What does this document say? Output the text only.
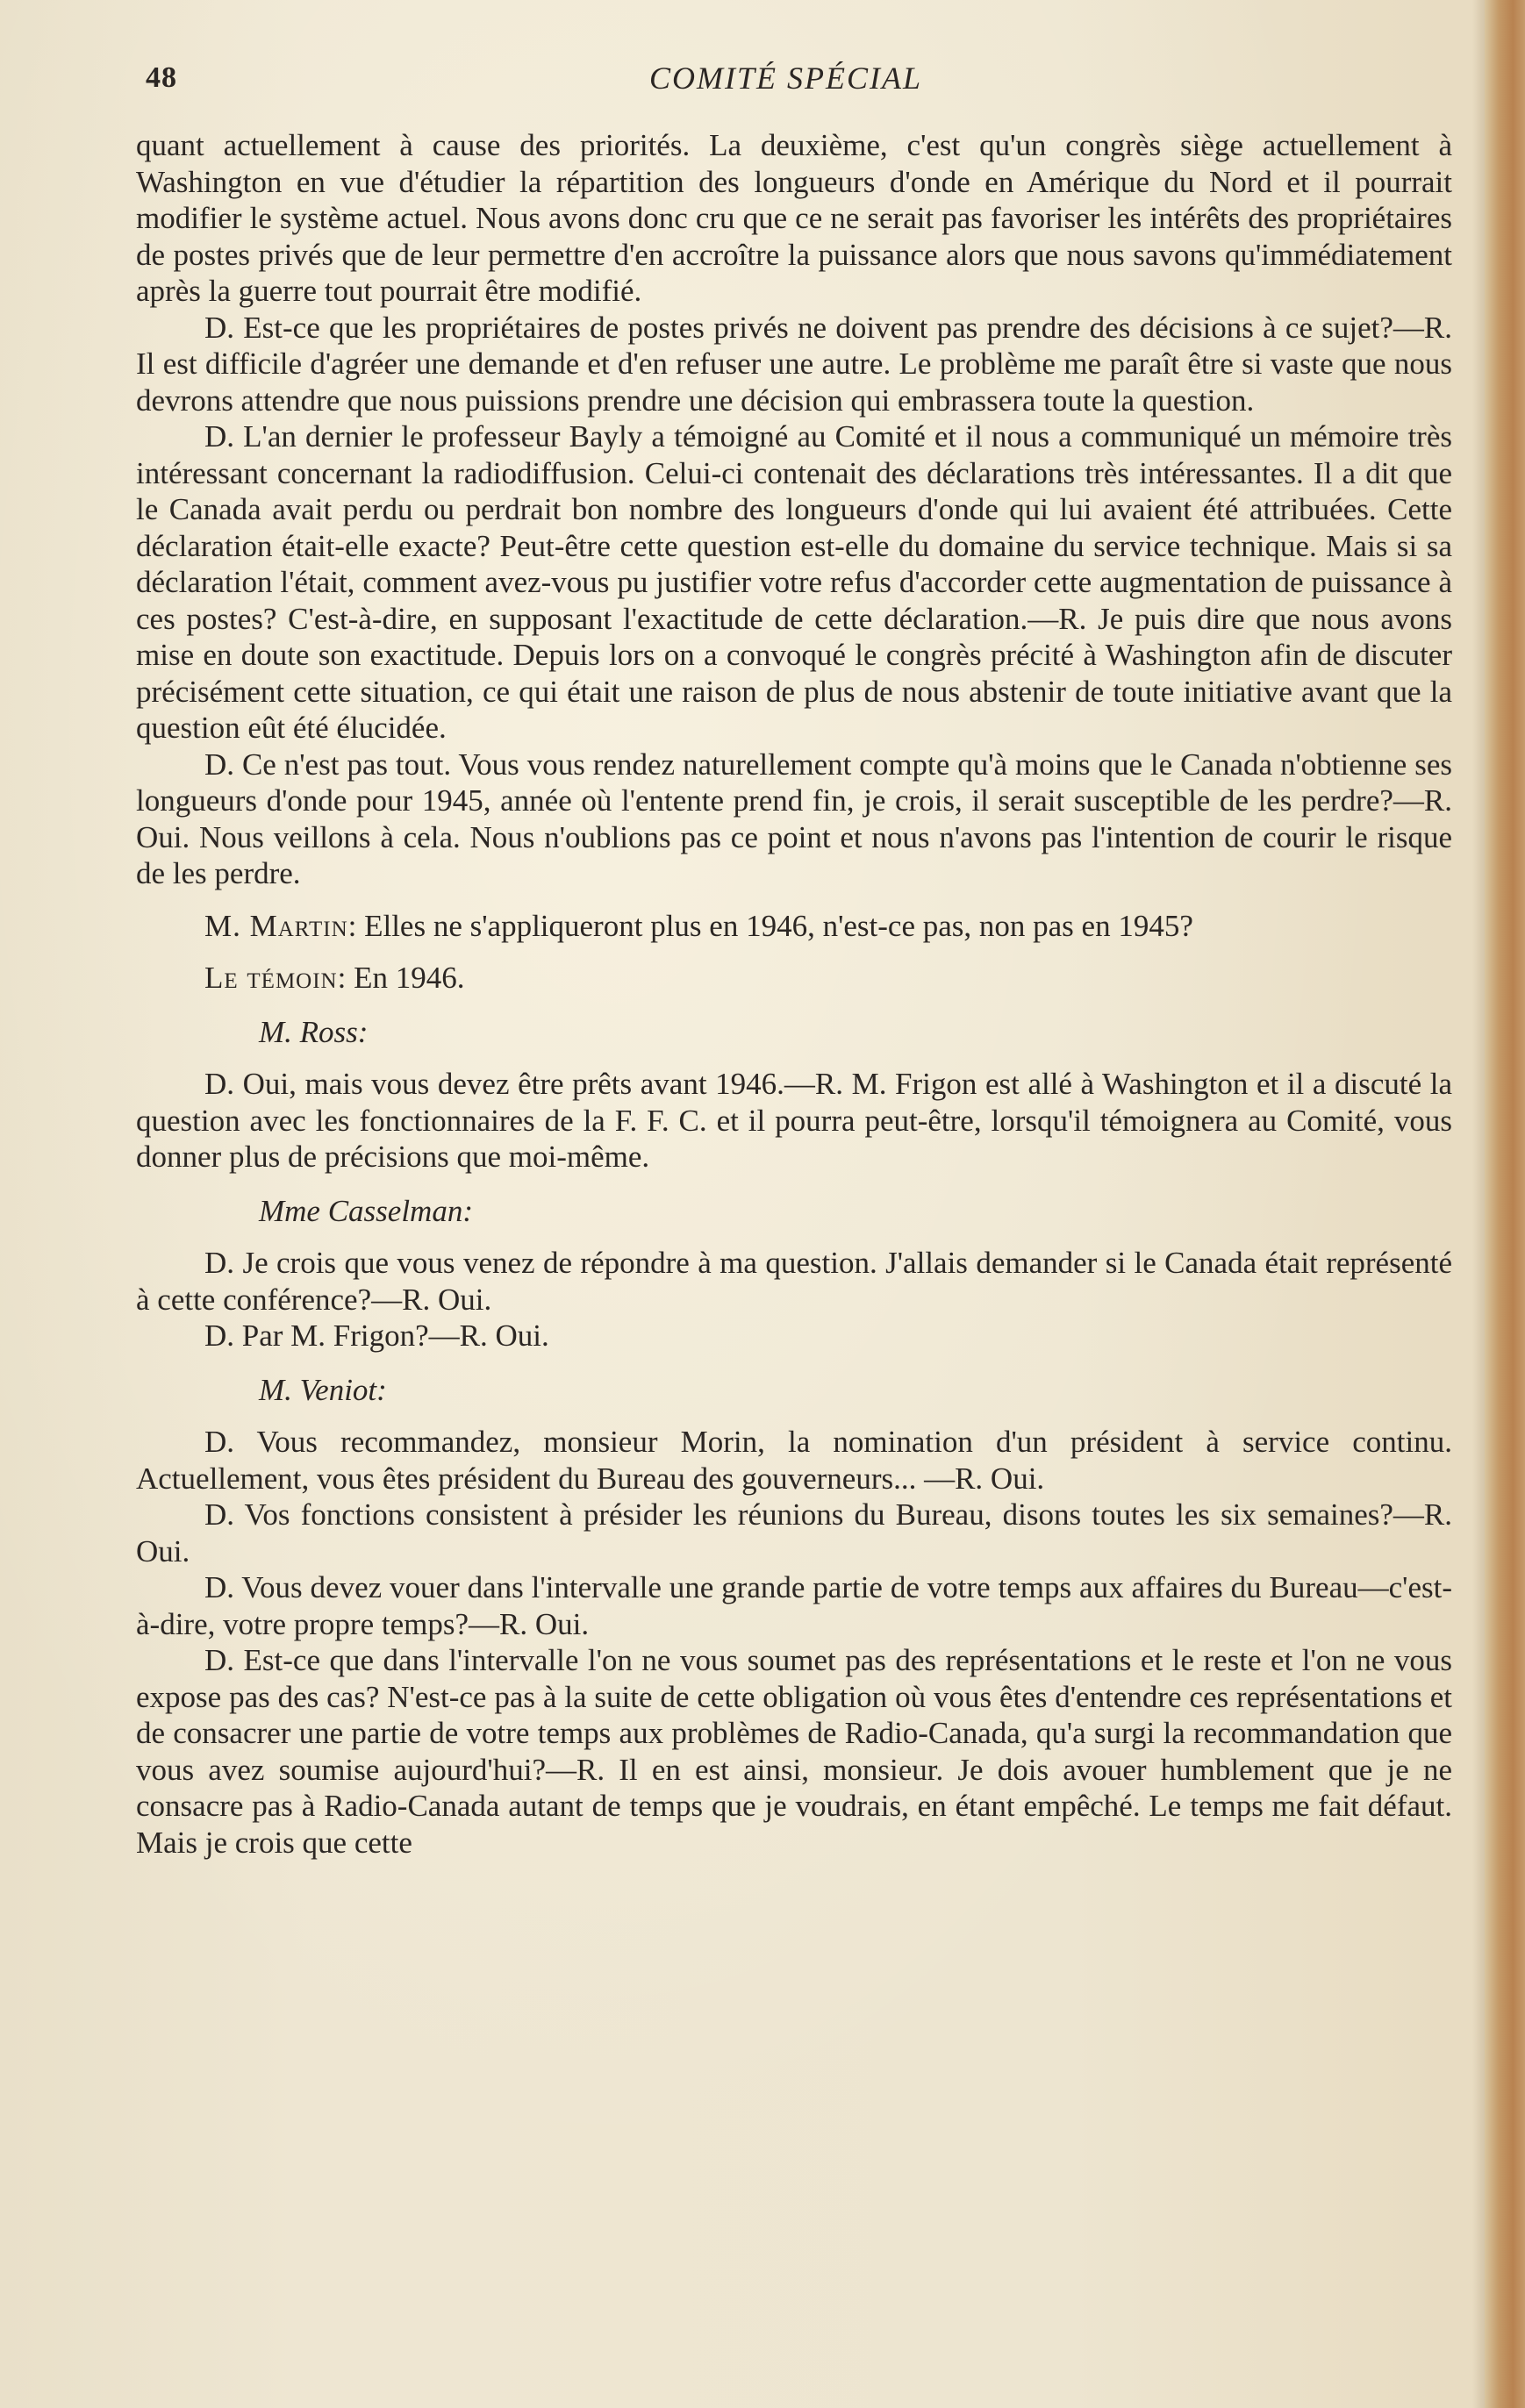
48	COMITÉ SPÉCIAL

quant actuellement à cause des priorités. La deuxième, c'est qu'un congrès siège actuellement à Washington en vue d'étudier la répartition des longueurs d'onde en Amérique du Nord et il pourrait modifier le système actuel. Nous avons donc cru que ce ne serait pas favoriser les intérêts des propriétaires de postes privés que de leur permettre d'en accroître la puissance alors que nous savons qu'immédiatement après la guerre tout pourrait être modifié.

D. Est-ce que les propriétaires de postes privés ne doivent pas prendre des décisions à ce sujet?—R. Il est difficile d'agréer une demande et d'en refuser une autre. Le problème me paraît être si vaste que nous devrons attendre que nous puissions prendre une décision qui embrassera toute la question.

D. L'an dernier le professeur Bayly a témoigné au Comité et il nous a communiqué un mémoire très intéressant concernant la radiodiffusion. Celui-ci contenait des déclarations très intéressantes. Il a dit que le Canada avait perdu ou perdrait bon nombre des longueurs d'onde qui lui avaient été attribuées. Cette déclaration était-elle exacte? Peut-être cette question est-elle du domaine du service technique. Mais si sa déclaration l'était, comment avez-vous pu justifier votre refus d'accorder cette augmentation de puissance à ces postes? C'est-à-dire, en supposant l'exactitude de cette déclaration.—R. Je puis dire que nous avons mise en doute son exactitude. Depuis lors on a convoqué le congrès précité à Washington afin de discuter précisément cette situation, ce qui était une raison de plus de nous abstenir de toute initiative avant que la question eût été élucidée.

D. Ce n'est pas tout. Vous vous rendez naturellement compte qu'à moins que le Canada n'obtienne ses longueurs d'onde pour 1945, année où l'entente prend fin, je crois, il serait susceptible de les perdre?—R. Oui. Nous veillons à cela. Nous n'oublions pas ce point et nous n'avons pas l'intention de courir le risque de les perdre.

M. Martin: Elles ne s'appliqueront plus en 1946, n'est-ce pas, non pas en 1945?

Le témoin: En 1946.

M. Ross:

D. Oui, mais vous devez être prêts avant 1946.—R. M. Frigon est allé à Washington et il a discuté la question avec les fonctionnaires de la F. F. C. et il pourra peut-être, lorsqu'il témoignera au Comité, vous donner plus de précisions que moi-même.

Mme Casselman:

D. Je crois que vous venez de répondre à ma question. J'allais demander si le Canada était représenté à cette conférence?—R. Oui.

D. Par M. Frigon?—R. Oui.

M. Veniot:

D. Vous recommandez, monsieur Morin, la nomination d'un président à service continu. Actuellement, vous êtes président du Bureau des gouverneurs... —R. Oui.

D. Vos fonctions consistent à présider les réunions du Bureau, disons toutes les six semaines?—R. Oui.

D. Vous devez vouer dans l'intervalle une grande partie de votre temps aux affaires du Bureau—c'est-à-dire, votre propre temps?—R. Oui.

D. Est-ce que dans l'intervalle l'on ne vous soumet pas des représentations et le reste et l'on ne vous expose pas des cas? N'est-ce pas à la suite de cette obligation où vous êtes d'entendre ces représentations et de consacrer une partie de votre temps aux problèmes de Radio-Canada, qu'a surgi la recommandation que vous avez soumise aujourd'hui?—R. Il en est ainsi, monsieur. Je dois avouer humblement que je ne consacre pas à Radio-Canada autant de temps que je voudrais, en étant empêché. Le temps me fait défaut. Mais je crois que cette
